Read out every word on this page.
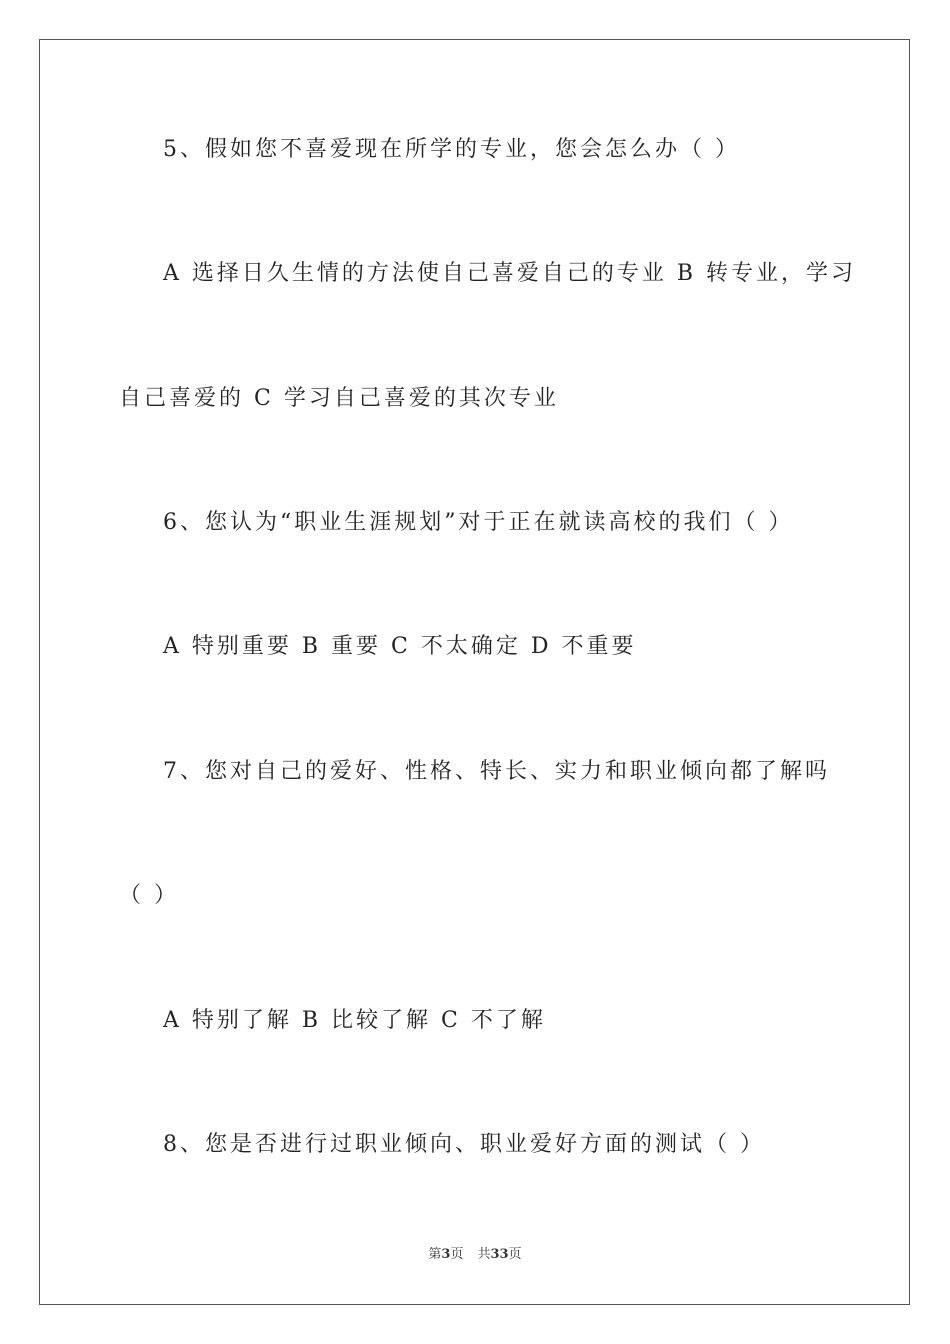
5、假如您不喜爱现在所学的专业，您会怎么办（ ）
A 选择日久生情的方法使自己喜爱自己的专业 B 转专业，学习
自己喜爱的 C 学习自己喜爱的其次专业
6、您认为“职业生涯规划”对于正在就读高校的我们（ ）
A 特别重要 B 重要 C 不太确定 D 不重要
7、您对自己的爱好、性格、特长、实力和职业倾向都了解吗
（ ）
A 特别了解 B 比较了解 C 不了解
8、您是否进行过职业倾向、职业爱好方面的测试（ ）
第3页 共33页
